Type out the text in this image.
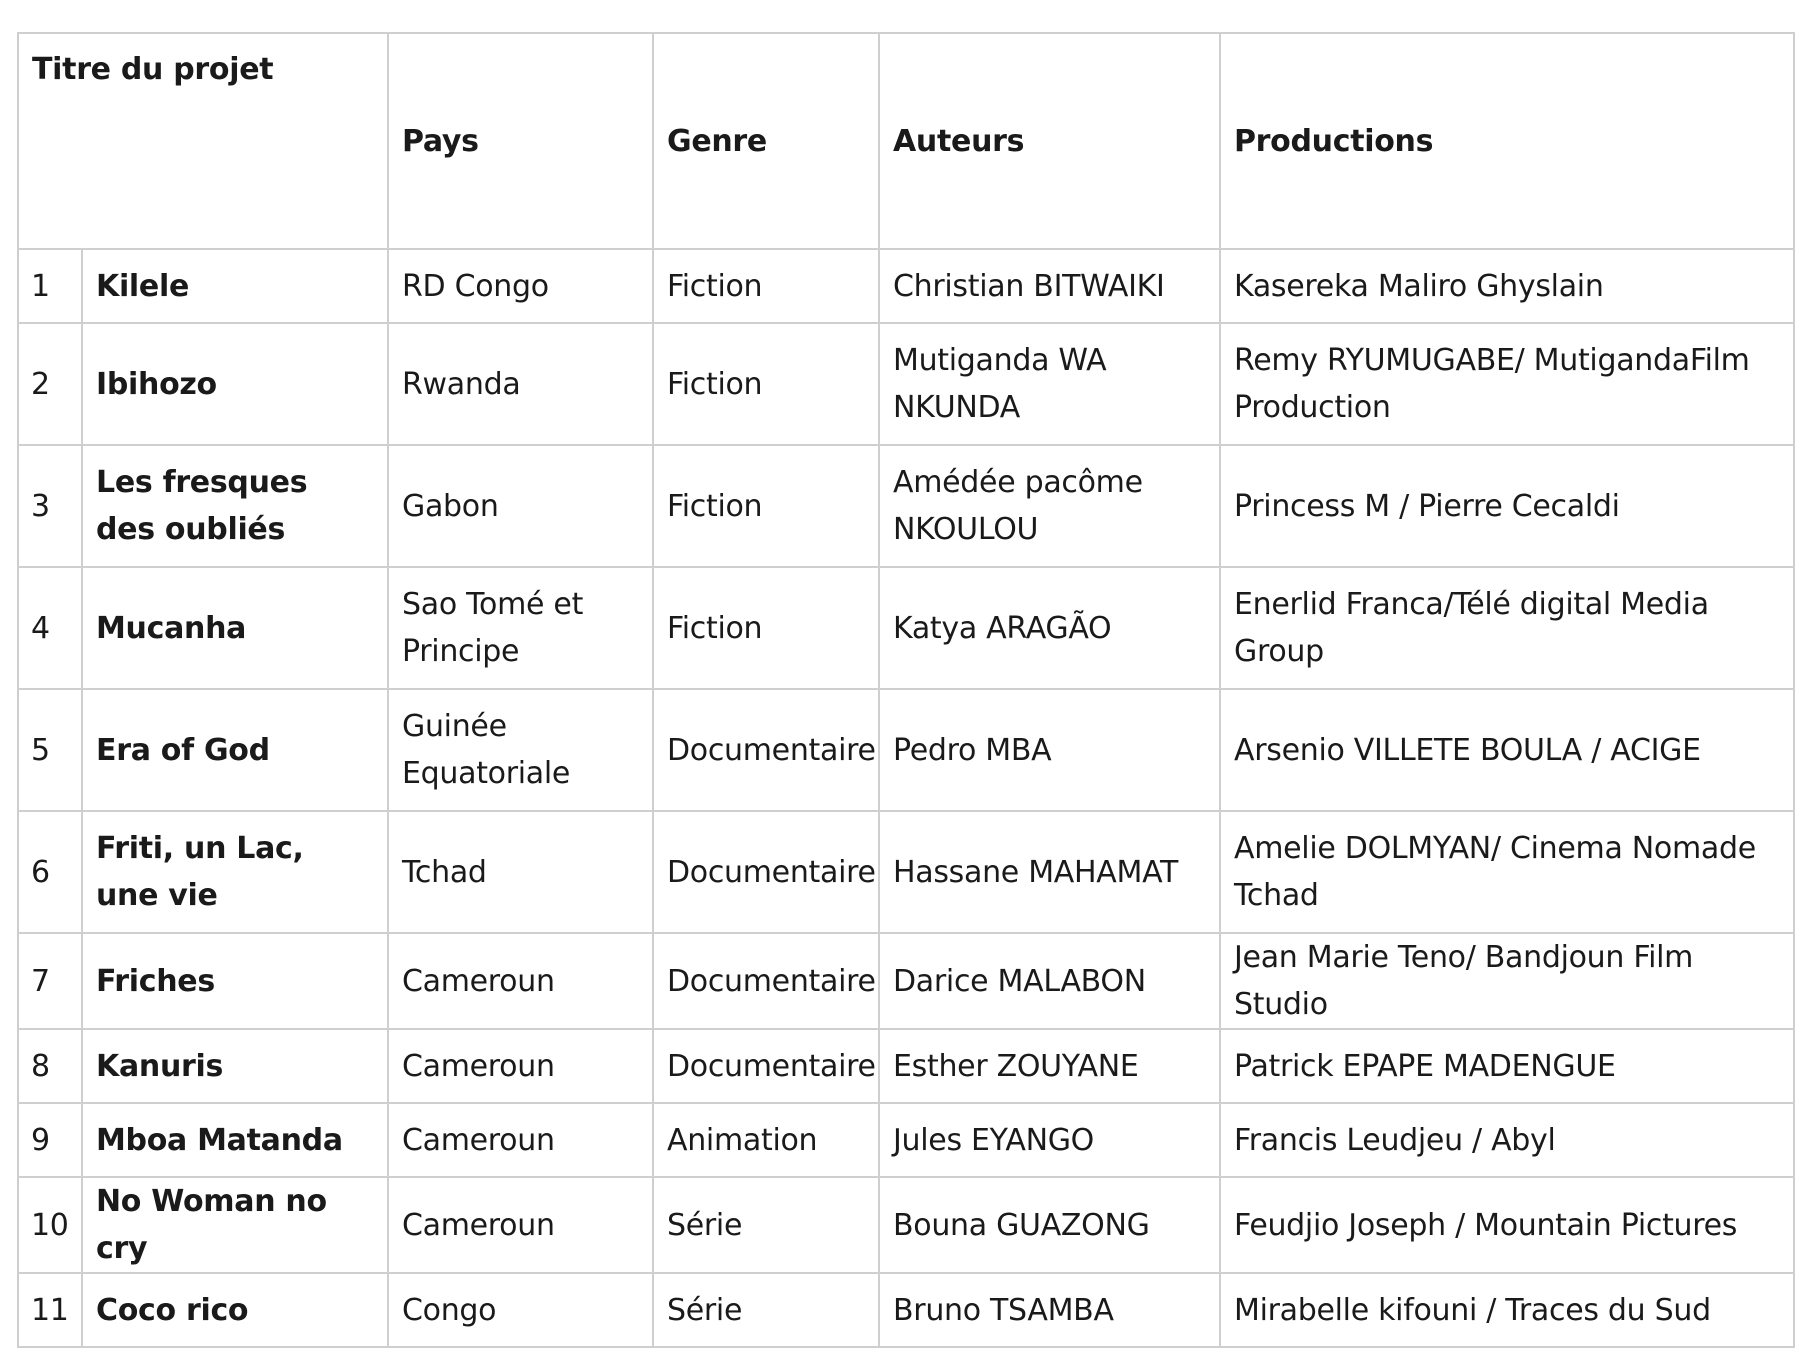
Titre du projet		Pays	Genre	Auteurs	Productions
1	Kilele	RD Congo	Fiction	Christian BITWAIKI	Kasereka Maliro Ghyslain
2	Ibihozo	Rwanda	Fiction	Mutiganda WA NKUNDA	Remy RYUMUGABE/ MutigandaFilm Production
3	Les fresques des oubliés	Gabon	Fiction	Amédée pacôme NKOULOU	Princess M / Pierre Cecaldi
4	Mucanha	Sao Tomé et Principe	Fiction	Katya ARAGÃO	Enerlid Franca/Télé digital Media Group
5	Era of God	Guinée Equatoriale	Documentaire	Pedro MBA	Arsenio VILLETE BOULA / ACIGE
6	Friti, un Lac, une vie	Tchad	Documentaire	Hassane MAHAMAT	Amelie DOLMYAN/ Cinema Nomade Tchad
7	Friches	Cameroun	Documentaire	Darice MALABON	Jean Marie Teno/ Bandjoun Film Studio
8	Kanuris	Cameroun	Documentaire	Esther ZOUYANE	Patrick EPAPE MADENGUE
9	Mboa Matanda	Cameroun	Animation	Jules EYANGO	Francis Leudjeu / Abyl
10	No Woman no cry	Cameroun	Série	Bouna GUAZONG	Feudjio Joseph / Mountain Pictures
11	Coco rico	Congo	Série	Bruno TSAMBA	Mirabelle kifouni / Traces du Sud
